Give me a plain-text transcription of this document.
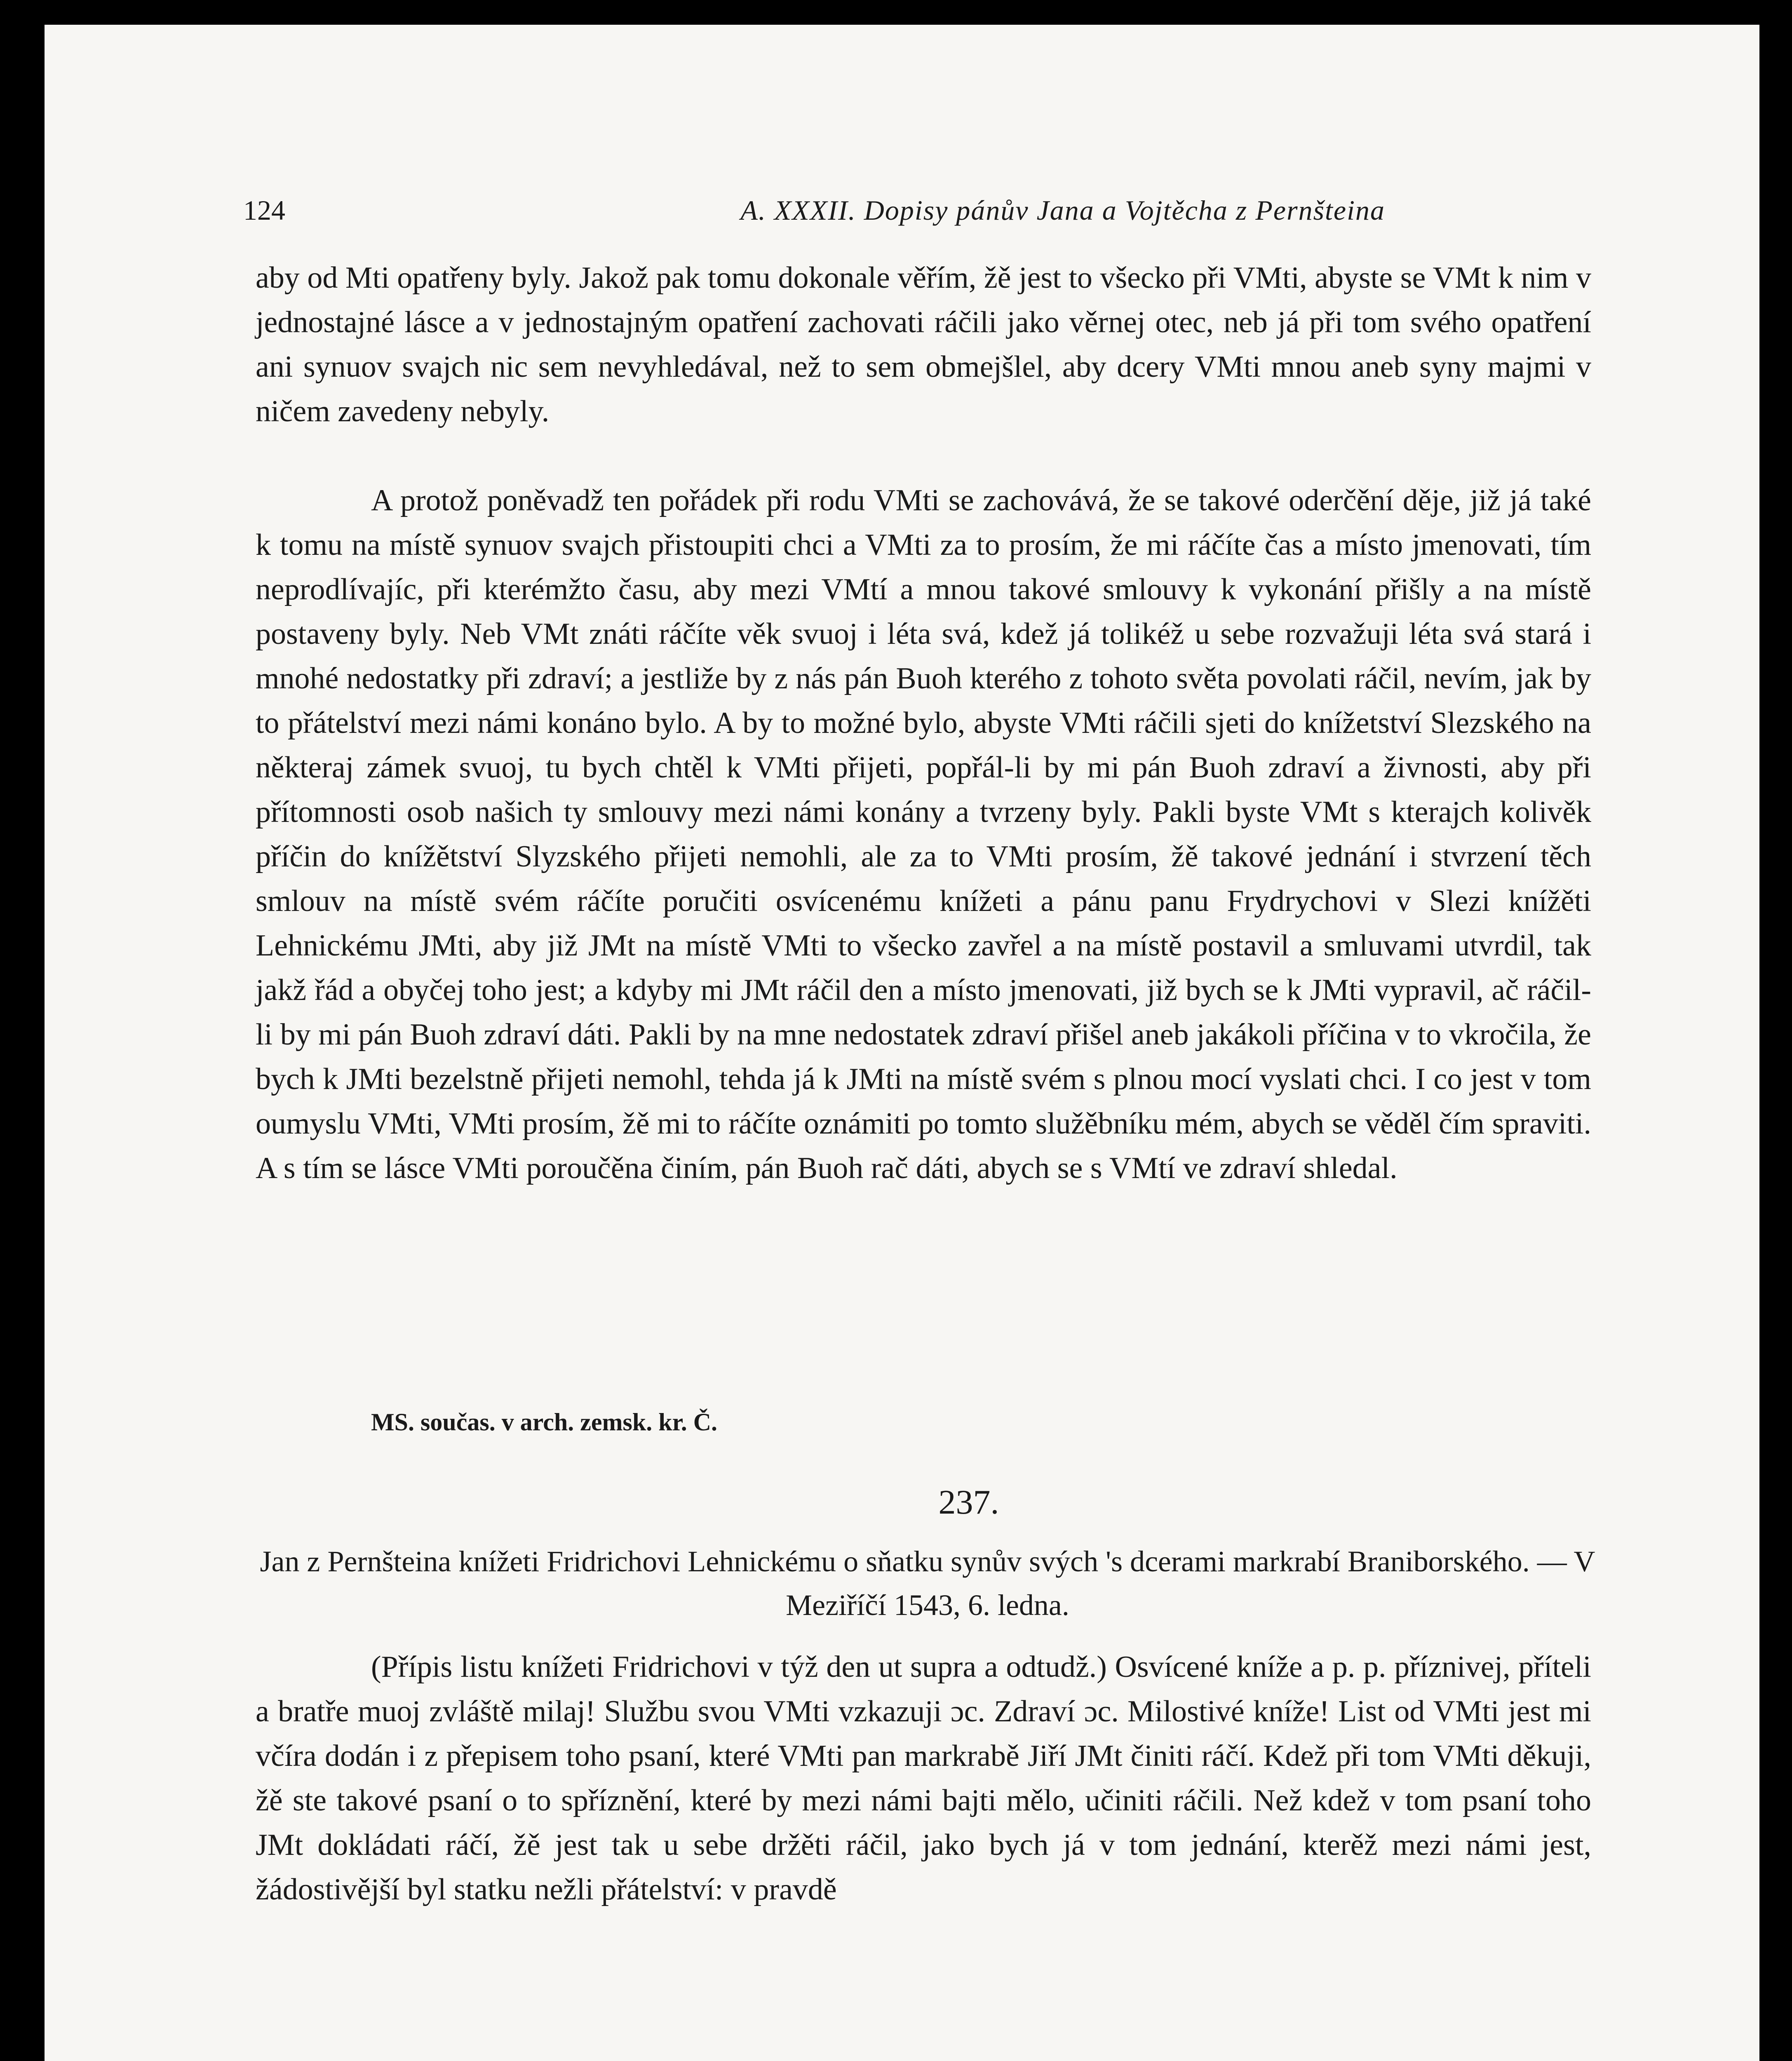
124	A. XXXII. Dopisy pánův Jana a Vojtěcha z Pernšteina

aby od Mti opatřeny byly. Jakož pak tomu dokonale věřím, žě jest to všecko při VMti, abyste se VMt k nim v jednostajné lásce a v jednostajným opatření zachovati ráčili jako věrnej otec, neb já při tom svého opatření ani synuov svajch nic sem nevyhledával, než to sem obmejšlel, aby dcery VMti mnou aneb syny majmi v ničem zavedeny nebyly.

A protož poněvadž ten pořádek při rodu VMti se zachovává, že se takové oderčění děje, již já také k tomu na místě synuov svajch přistoupiti chci a VMti za to prosím, že mi ráčíte čas a místo jmenovati, tím neprodlívajíc, při kterémžto času, aby mezi VMtí a mnou takové smlouvy k vykonání přišly a na místě postaveny byly. Neb VMt znáti ráčíte věk svuoj i léta svá, kdež já tolikéž u sebe rozvažuji léta svá stará i mnohé nedostatky při zdraví; a jestliže by z nás pán Buoh kterého z tohoto světa povolati ráčil, nevím, jak by to přátelství mezi námi konáno bylo. A by to možné bylo, abyste VMti ráčili sjeti do knížetství Slezského na některaj zámek svuoj, tu bych chtěl k VMti přijeti, popřál-li by mi pán Buoh zdraví a živnosti, aby při přítomnosti osob našich ty smlouvy mezi námi konány a tvrzeny byly. Pakli byste VMt s kterajch kolivěk příčin do knížětství Slyzského přijeti nemohli, ale za to VMti prosím, žě takové jednání i stvrzení těch smlouv na místě svém ráčíte poručiti osvícenému knížeti a pánu panu Frydrychovi v Slezi knížěti Lehnickému JMti, aby již JMt na místě VMti to všecko zavřel a na místě postavil a smluvami utvrdil, tak jakž řád a obyčej toho jest; a kdyby mi JMt ráčil den a místo jmenovati, již bych se k JMti vypravil, ač ráčil-li by mi pán Buoh zdraví dáti. Pakli by na mne nedostatek zdraví přišel aneb jakákoli příčina v to vkročila, že bych k JMti bezelstně přijeti nemohl, tehda já k JMti na místě svém s plnou mocí vyslati chci. I co jest v tom oumyslu VMti, VMti prosím, žě mi to ráčíte oznámiti po tomto služěbníku mém, abych se věděl čím spraviti. A s tím se lásce VMti poroučěna činím, pán Buoh rač dáti, abych se s VMtí ve zdraví shledal.

MS. součas. v arch. zemsk. kr. Č.
237.
Jan z Pernšteina knížeti Fridrichovi Lehnickému o sňatku synův svých 's dcerami markrabí Braniborského. — V Meziříčí 1543, 6. ledna.

(Přípis listu knížeti Fridrichovi v týž den ut supra a odtudž.) Osvícené kníže a p. p. příznivej, příteli a bratře muoj zvláště milaj! Službu svou VMti vzkazuji ɔc. Zdraví ɔc. Milostivé kníže! List od VMti jest mi včíra dodán i z přepisem toho psaní, které VMti pan markrabě Jiří JMt činiti ráčí. Kdež při tom VMti děkuji, žě ste takové psaní o to spříznění, které by mezi námi bajti mělo, učiniti ráčili. Než kdež v tom psaní toho JMt dokládati ráčí, žě jest tak u sebe držěti ráčil, jako bych já v tom jednání, kterěž mezi námi jest, žádostivější byl statku nežli přátelství: v pravdě
